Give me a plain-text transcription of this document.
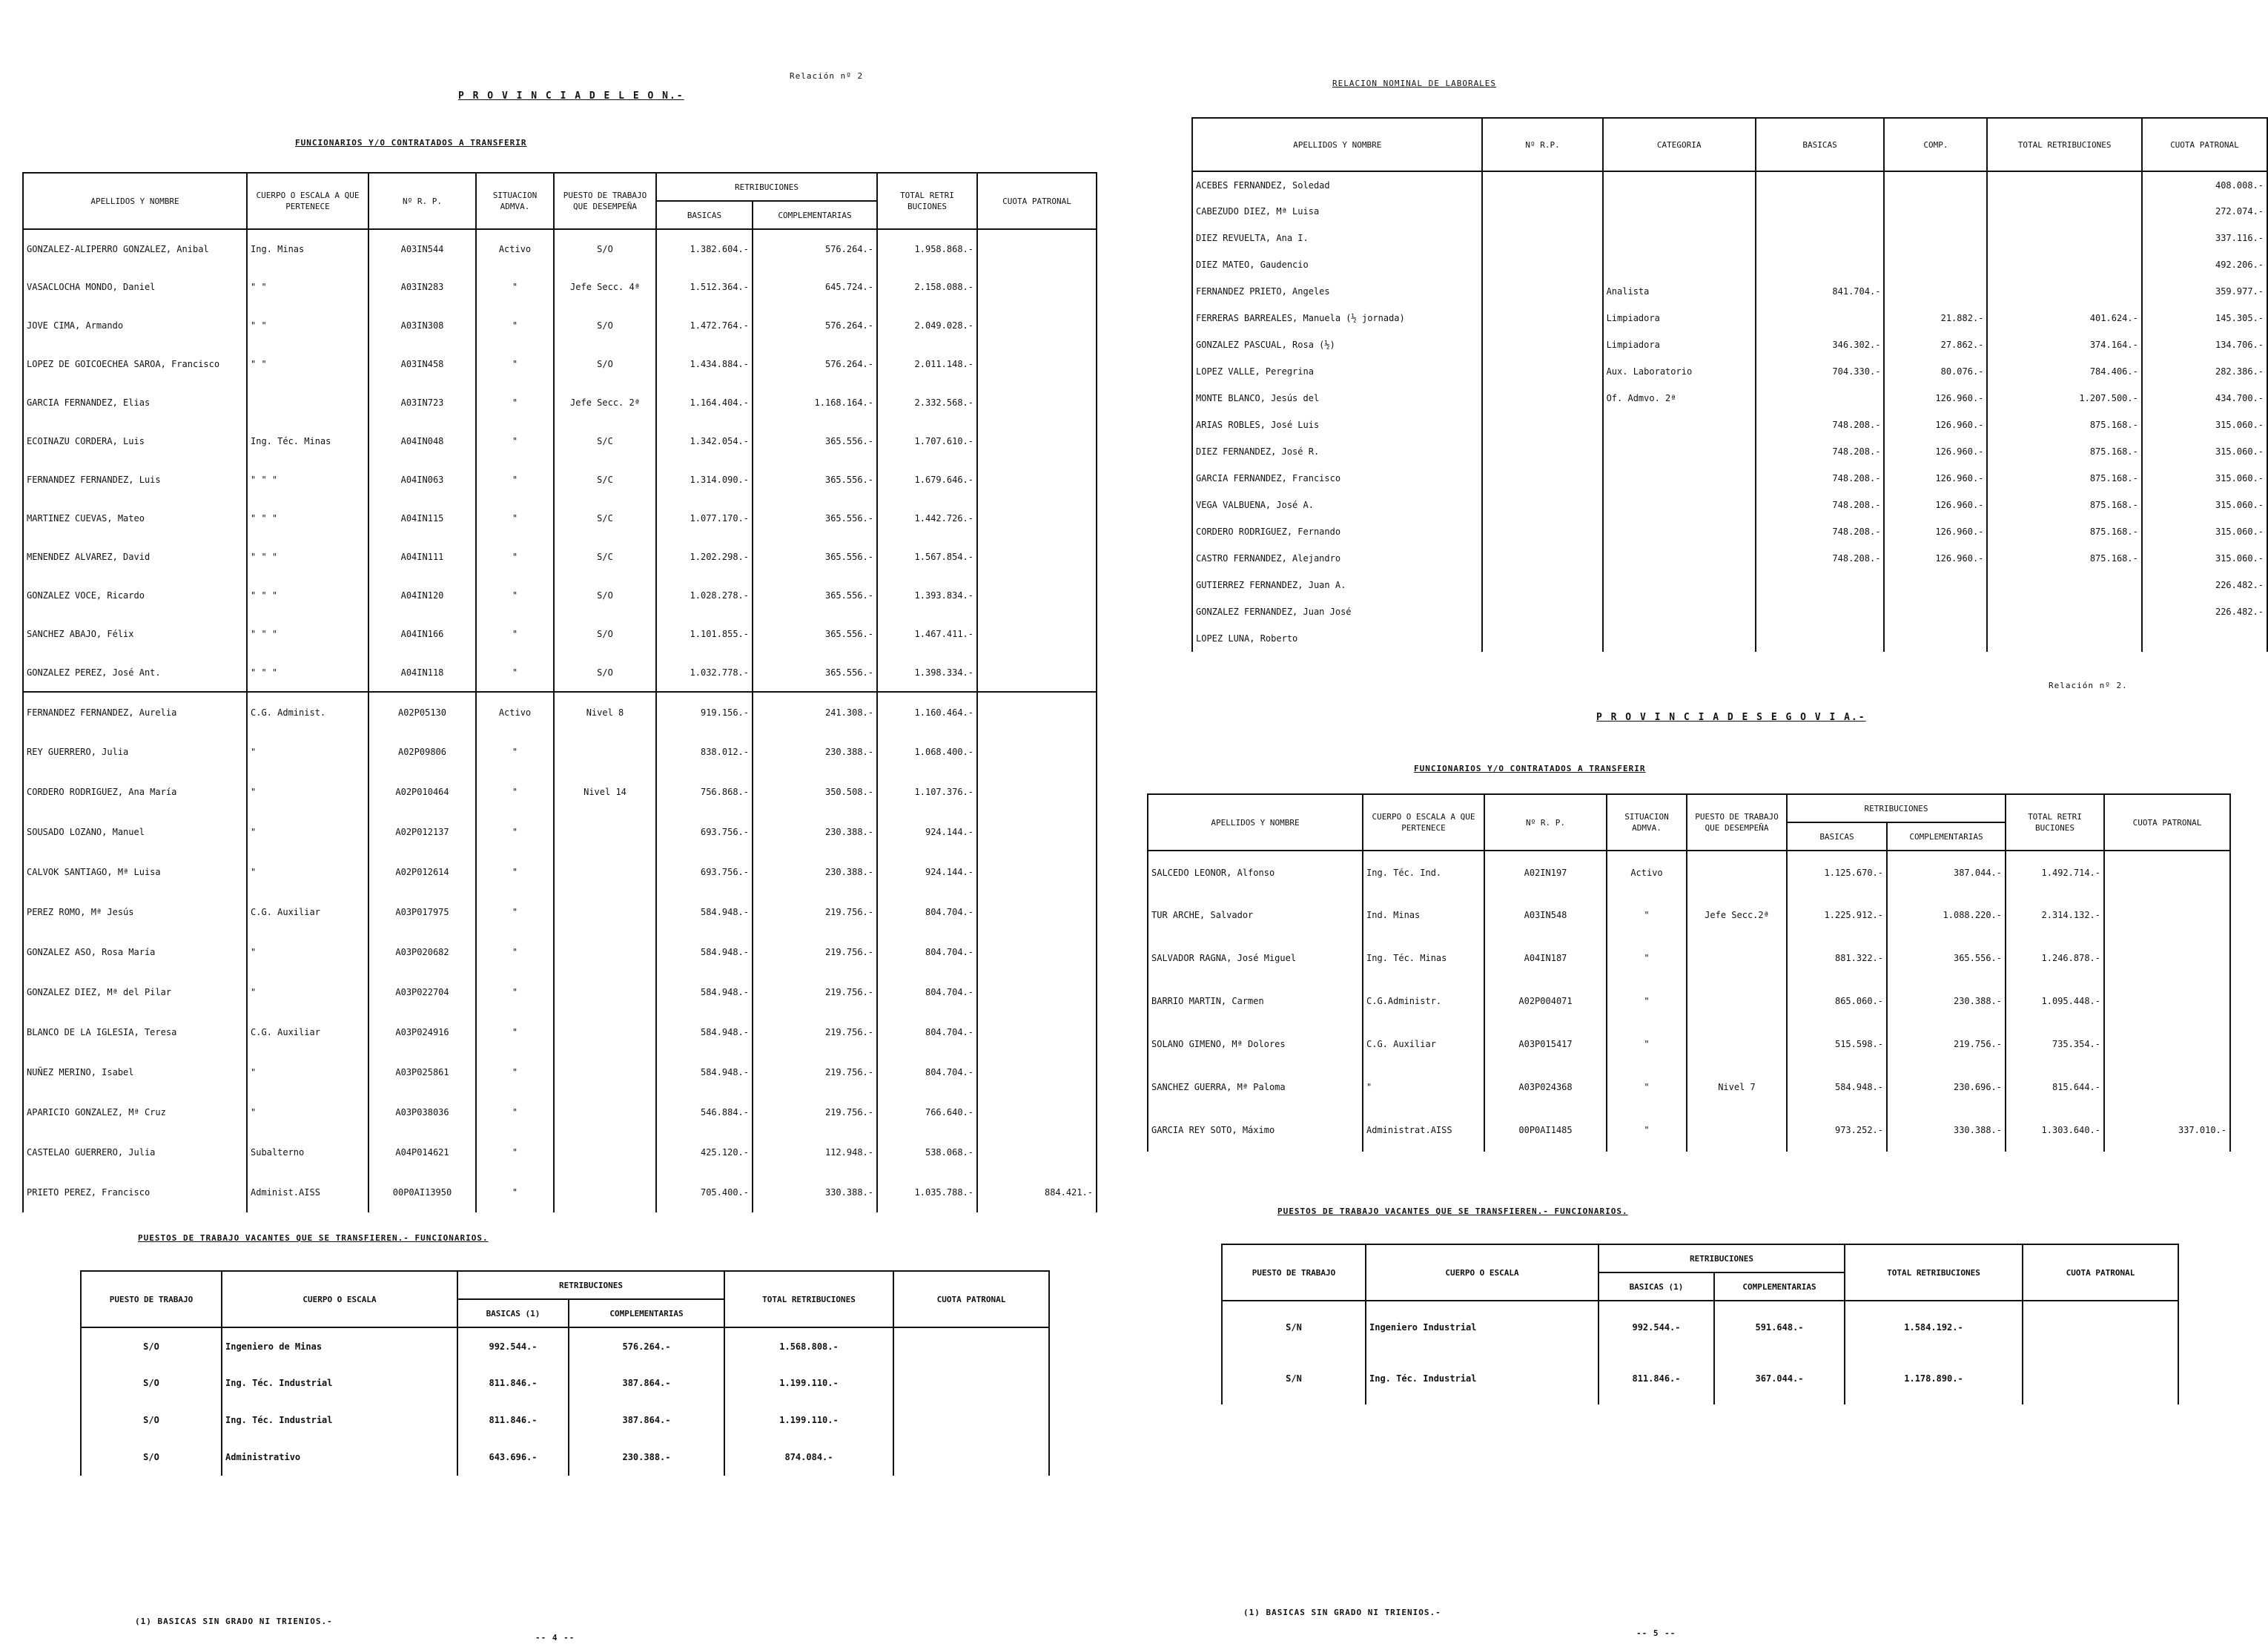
Relación nº 2
P R O V I N C I A D E L E O N.-
FUNCIONARIOS Y/O CONTRATADOS A TRANSFERIR
APELLIDOS Y NOMBRE	CUERPO O ESCALA A QUE PERTENECE	Nº R. P.	SITUACION ADMVA.	PUESTO DE TRABAJO QUE DESEMPEÑA	RETRIBUCIONES		TOTAL RETRI BUCIONES	CUOTA PATRONAL
					BASICAS	COMPLEMENTARIAS		
GONZALEZ-ALIPERRO GONZALEZ, Anibal	Ing. Minas	A03IN544	Activo	S/O	1.382.604.-	576.264.-	1.958.868.-	
VASACLOCHA MONDO, Daniel	" "	A03IN283	"	Jefe Secc. 4ª	1.512.364.-	645.724.-	2.158.088.-	
JOVE CIMA, Armando	" "	A03IN308	"	S/O	1.472.764.-	576.264.-	2.049.028.-	
LOPEZ DE GOICOECHEA SAROA, Francisco	" "	A03IN458	"	S/O	1.434.884.-	576.264.-	2.011.148.-	
GARCIA FERNANDEZ, Elias		A03IN723	"	Jefe Secc. 2ª	1.164.404.-	1.168.164.-	2.332.568.-	
ECOINAZU CORDERA, Luis	Ing. Téc. Minas	A04IN048	"	S/C	1.342.054.-	365.556.-	1.707.610.-	
FERNANDEZ FERNANDEZ, Luis	" " "	A04IN063	"	S/C	1.314.090.-	365.556.-	1.679.646.-	
MARTINEZ CUEVAS, Mateo	" " "	A04IN115	"	S/C	1.077.170.-	365.556.-	1.442.726.-	
MENENDEZ ALVAREZ, David	" " "	A04IN111	"	S/C	1.202.298.-	365.556.-	1.567.854.-	
GONZALEZ VOCE, Ricardo	" " "	A04IN120	"	S/O	1.028.278.-	365.556.-	1.393.834.-	
SANCHEZ ABAJO, Félix	" " "	A04IN166	"	S/O	1.101.855.-	365.556.-	1.467.411.-	
GONZALEZ PEREZ, José Ant.	" " "	A04IN118	"	S/O	1.032.778.-	365.556.-	1.398.334.-	
FERNANDEZ FERNANDEZ, Aurelia	C.G. Administ.	A02P05130	Activo	Nivel 8	919.156.-	241.308.-	1.160.464.-	
REY GUERRERO, Julia	"	A02P09806	"		838.012.-	230.388.-	1.068.400.-	
CORDERO RODRIGUEZ, Ana María	"	A02P010464	"	Nivel 14	756.868.-	350.508.-	1.107.376.-	
SOUSADO LOZANO, Manuel	"	A02P012137	"		693.756.-	230.388.-	924.144.-	
CALVOK SANTIAGO, Mª Luisa	"	A02P012614	"		693.756.-	230.388.-	924.144.-	
PEREZ ROMO, Mª Jesús	C.G. Auxiliar	A03P017975	"		584.948.-	219.756.-	804.704.-	
GONZALEZ ASO, Rosa María	"	A03P020682	"		584.948.-	219.756.-	804.704.-	
GONZALEZ DIEZ, Mª del Pilar	"	A03P022704	"		584.948.-	219.756.-	804.704.-	
BLANCO DE LA IGLESIA, Teresa	C.G. Auxiliar	A03P024916	"		584.948.-	219.756.-	804.704.-	
NUÑEZ MERINO, Isabel	"	A03P025861	"		584.948.-	219.756.-	804.704.-	
APARICIO GONZALEZ, Mª Cruz	"	A03P038036	"		546.884.-	219.756.-	766.640.-	
CASTELAO GUERRERO, Julia	Subalterno	A04P014621	"		425.120.-	112.948.-	538.068.-	
PRIETO PEREZ, Francisco	Administ.AISS	00P0AI13950	"		705.400.-	330.388.-	1.035.788.-	884.421.-
PUESTOS DE TRABAJO VACANTES QUE SE TRANSFIEREN.- FUNCIONARIOS.
PUESTO DE TRABAJO	CUERPO O ESCALA	RETRIBUCIONES		TOTAL RETRIBUCIONES	CUOTA PATRONAL
		BASICAS (1)	COMPLEMENTARIAS		
S/O	Ingeniero de Minas	992.544.-	576.264.-	1.568.808.-	
S/O	Ing. Téc. Industrial	811.846.-	387.864.-	1.199.110.-	
S/O	Ing. Téc. Industrial	811.846.-	387.864.-	1.199.110.-	
S/O	Administrativo	643.696.-	230.388.-	874.084.-	
(1) BASICAS SIN GRADO NI TRIENIOS.-
-- 4 --
RELACION NOMINAL DE LABORALES
APELLIDOS Y NOMBRE	Nº R.P.	CATEGORIA	BASICAS	COMP.	TOTAL RETRIBUCIONES	CUOTA PATRONAL
ACEBES FERNANDEZ, Soledad						408.008.-
CABEZUDO DIEZ, Mª Luisa						272.074.-
DIEZ REVUELTA, Ana I.						337.116.-
DIEZ MATEO, Gaudencio						492.206.-
FERNANDEZ PRIETO, Angeles		Analista	841.704.-			359.977.-
FERRERAS BARREALES, Manuela (½ jornada)		Limpiadora		21.882.-	401.624.-	145.305.-
GONZALEZ PASCUAL, Rosa (½)		Limpiadora	346.302.-	27.862.-	374.164.-	134.706.-
LOPEZ VALLE, Peregrina		Aux. Laboratorio	704.330.-	80.076.-	784.406.-	282.386.-
MONTE BLANCO, Jesús del		Of. Admvo. 2ª		126.960.-	1.207.500.-	434.700.-
ARIAS ROBLES, José Luis			748.208.-	126.960.-	875.168.-	315.060.-
DIEZ FERNANDEZ, José R.			748.208.-	126.960.-	875.168.-	315.060.-
GARCIA FERNANDEZ, Francisco			748.208.-	126.960.-	875.168.-	315.060.-
VEGA VALBUENA, José A.			748.208.-	126.960.-	875.168.-	315.060.-
CORDERO RODRIGUEZ, Fernando			748.208.-	126.960.-	875.168.-	315.060.-
CASTRO FERNANDEZ, Alejandro			748.208.-	126.960.-	875.168.-	315.060.-
GUTIERREZ FERNANDEZ, Juan A.						226.482.-
GONZALEZ FERNANDEZ, Juan José						226.482.-
LOPEZ LUNA, Roberto						
Relación nº 2.
P R O V I N C I A D E S E G O V I A.-
FUNCIONARIOS Y/O CONTRATADOS A TRANSFERIR
APELLIDOS Y NOMBRE	CUERPO O ESCALA A QUE PERTENECE	Nº R. P.	SITUACION ADMVA.	PUESTO DE TRABAJO QUE DESEMPEÑA	RETRIBUCIONES		TOTAL RETRI BUCIONES	CUOTA PATRONAL
					BASICAS	COMPLEMENTARIAS		
SALCEDO LEONOR, Alfonso	Ing. Téc. Ind.	A02IN197	Activo		1.125.670.-	387.044.-	1.492.714.-	
TUR ARCHE, Salvador	Ind. Minas	A03IN548	"	Jefe Secc.2ª	1.225.912.-	1.088.220.-	2.314.132.-	
SALVADOR RAGNA, José Miguel	Ing. Téc. Minas	A04IN187	"		881.322.-	365.556.-	1.246.878.-	
BARRIO MARTIN, Carmen	C.G.Administr.	A02P004071	"		865.060.-	230.388.-	1.095.448.-	
SOLANO GIMENO, Mª Dolores	C.G. Auxiliar	A03P015417	"		515.598.-	219.756.-	735.354.-	
SANCHEZ GUERRA, Mª Paloma	"	A03P024368	"	Nivel 7	584.948.-	230.696.-	815.644.-	
GARCIA REY SOTO, Máximo	Administrat.AISS	00P0AI1485	"		973.252.-	330.388.-	1.303.640.-	337.010.-
PUESTOS DE TRABAJO VACANTES QUE SE TRANSFIEREN.- FUNCIONARIOS.
PUESTO DE TRABAJO	CUERPO O ESCALA	RETRIBUCIONES		TOTAL RETRIBUCIONES	CUOTA PATRONAL
		BASICAS (1)	COMPLEMENTARIAS		
S/N	Ingeniero Industrial	992.544.-	591.648.-	1.584.192.-	
S/N	Ing. Téc. Industrial	811.846.-	367.044.-	1.178.890.-	
(1) BASICAS SIN GRADO NI TRIENIOS.-
-- 5 --
